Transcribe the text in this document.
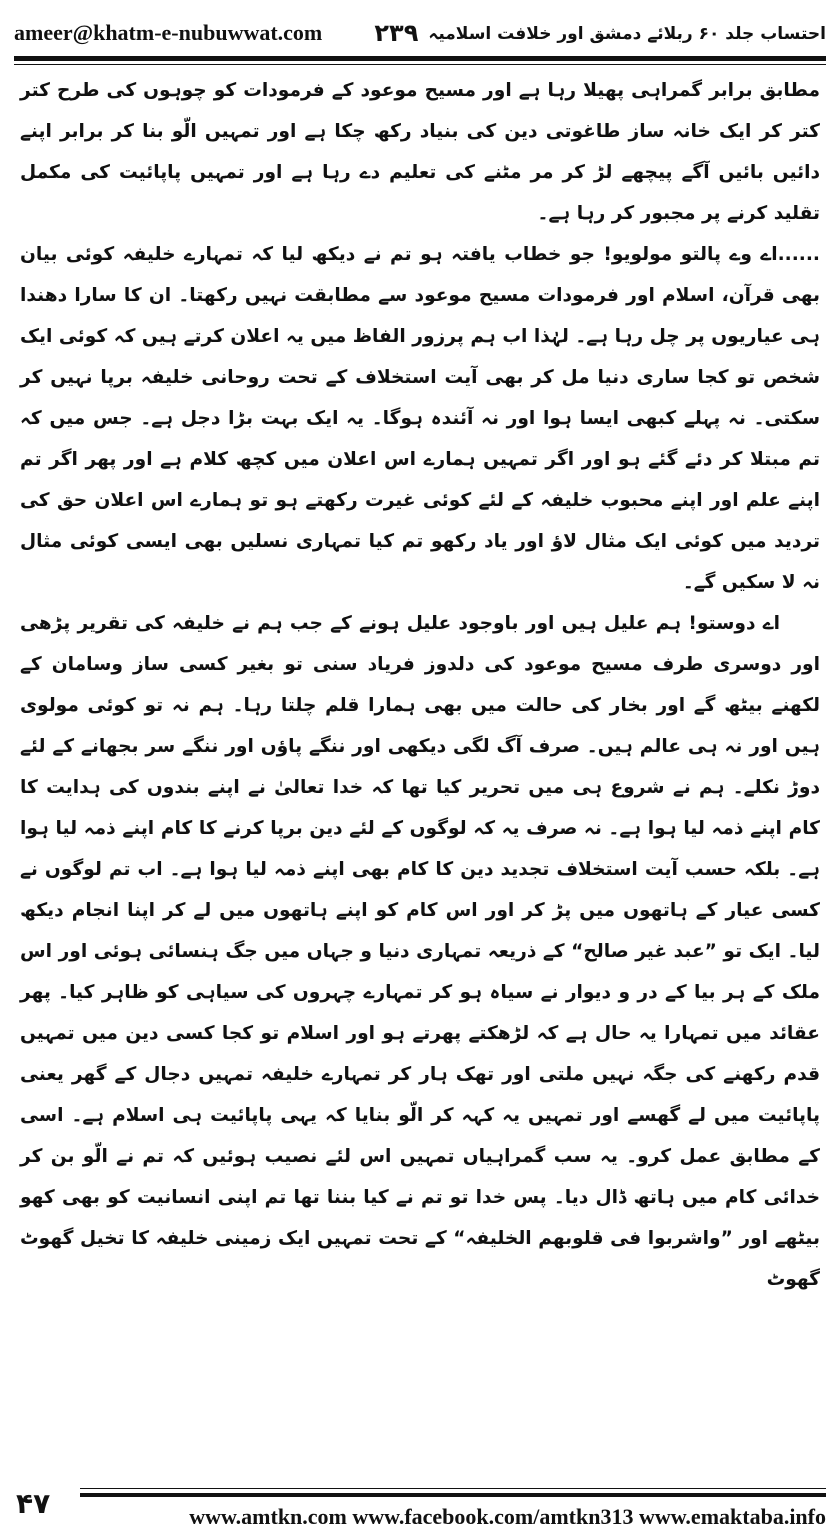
ameer@khatm-e-nubuwwat.com	احتساب جلد ۶۰ ربلائے دمشق اور خلافت اسلامیہ
۲۳۹

مطابق برابر گمراہی پھیلا رہا ہے اور مسیح موعود کے فرمودات کو چوہوں کی طرح کتر کتر کر ایک خانہ ساز طاغوتی دین کی بنیاد رکھ چکا ہے اور تمہیں الّو بنا کر برابر اپنے دائیں بائیں آگے پیچھے لڑ کر مر مٹنے کی تعلیم دے رہا ہے اور تمہیں پاپائیت کی مکمل تقلید کرنے پر مجبور کر رہا ہے۔

......اے وے پالتو مولویو! جو خطاب یافتہ ہو تم نے دیکھ لیا کہ تمہارے خلیفہ کوئی بیان بھی قرآن، اسلام اور فرمودات مسیح موعود سے مطابقت نہیں رکھتا۔ ان کا سارا دھندا ہی عیاریوں پر چل رہا ہے۔ لہٰذا اب ہم پرزور الفاظ میں یہ اعلان کرتے ہیں کہ کوئی ایک شخص تو کجا ساری دنیا مل کر بھی آیت استخلاف کے تحت روحانی خلیفہ برپا نہیں کر سکتی۔ نہ پہلے کبھی ایسا ہوا اور نہ آئندہ ہوگا۔ یہ ایک بہت بڑا دجل ہے۔ جس میں کہ تم مبتلا کر دئے گئے ہو اور اگر تمہیں ہمارے اس اعلان میں کچھ کلام ہے اور پھر اگر تم اپنے علم اور اپنے محبوب خلیفہ کے لئے کوئی غیرت رکھتے ہو تو ہمارے اس اعلان حق کی تردید میں کوئی ایک مثال لاؤ اور یاد رکھو تم کیا تمہاری نسلیں بھی ایسی کوئی مثال نہ لا سکیں گے۔

اے دوستو! ہم علیل ہیں اور باوجود علیل ہونے کے جب ہم نے خلیفہ کی تقریر پڑھی اور دوسری طرف مسیح موعود کی دلدوز فریاد سنی تو بغیر کسی ساز وسامان کے لکھنے بیٹھ گے اور بخار کی حالت میں بھی ہمارا قلم چلتا رہا۔ ہم نہ تو کوئی مولوی ہیں اور نہ ہی عالم ہیں۔ صرف آگ لگی دیکھی اور ننگے پاؤں اور ننگے سر بجھانے کے لئے دوڑ نکلے۔ ہم نے شروع ہی میں تحریر کیا تھا کہ خدا تعالیٰ نے اپنے بندوں کی ہدایت کا کام اپنے ذمہ لیا ہوا ہے۔ نہ صرف یہ کہ لوگوں کے لئے دین برپا کرنے کا کام اپنے ذمہ لیا ہوا ہے۔ بلکہ حسب آیت استخلاف تجدید دین کا کام بھی اپنے ذمہ لیا ہوا ہے۔ اب تم لوگوں نے کسی عیار کے ہاتھوں میں پڑ کر اور اس کام کو اپنے ہاتھوں میں لے کر اپنا انجام دیکھ لیا۔ ایک تو ”عبد غیر صالح“ کے ذریعہ تمہاری دنیا و جہاں میں جگ ہنسائی ہوئی اور اس ملک کے ہر بیا کے در و دیوار نے سیاہ ہو کر تمہارے چہروں کی سیاہی کو ظاہر کیا۔ پھر عقائد میں تمہارا یہ حال ہے کہ لڑھکتے پھرتے ہو اور اسلام تو کجا کسی دین میں تمہیں قدم رکھنے کی جگہ نہیں ملتی اور تھک ہار کر تمہارے خلیفہ تمہیں دجال کے گھر یعنی پاپائیت میں لے گھسے اور تمہیں یہ کہہ کر الّو بنایا کہ یہی پاپائیت ہی اسلام ہے۔ اسی کے مطابق عمل کرو۔ یہ سب گمراہیاں تمہیں اس لئے نصیب ہوئیں کہ تم نے الّو بن کر خدائی کام میں ہاتھ ڈال دیا۔ پس خدا تو تم نے کیا بننا تھا تم اپنی انسانیت کو بھی کھو بیٹھے اور ”واشربوا فی قلوبھم الخلیفہ“ کے تحت تمہیں ایک زمینی خلیفہ کا تخیل گھوٹ گھوٹ

۴۷	www.amtkn.com www.facebook.com/amtkn313 www.emaktaba.info
